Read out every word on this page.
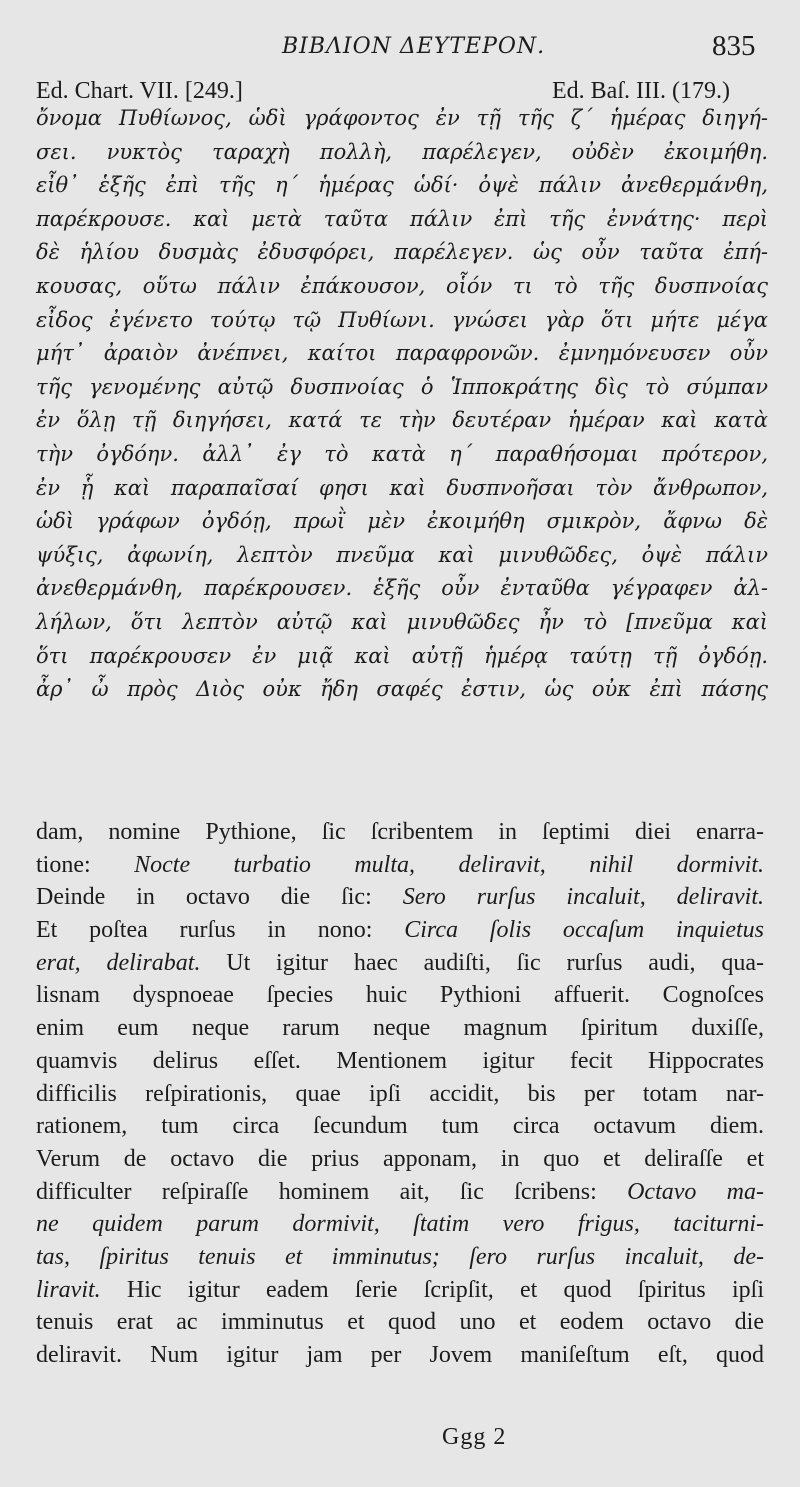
ΒΙΒΛΙΟΝ ΔΕΥΤΕΡΟΝ.	835
Ed. Chart. VII. [249.]	Ed. Baſ. III. (179.)
ὄνομα Πυθίωνος, ὡδὶ γράφοντος ἐν τῇ τῆς ζ´ ἡμέρας διηγή-
σει. νυκτὸς ταραχὴ πολλὴ, παρέλεγεν, οὐδὲν ἐκοιμήθη.
εἶθ᾿ ἑξῆς ἐπὶ τῆς η´ ἡμέρας ὡδί· ὀψὲ πάλιν ἀνεθερμάνθη,
παρέκρουσε. καὶ μετὰ ταῦτα πάλιν ἐπὶ τῆς ἐννάτης· περὶ
δὲ ἡλίου δυσμὰς ἐδυσφόρει, παρέλεγεν. ὡς οὖν ταῦτα ἐπή-
κουσας, οὕτω πάλιν ἐπάκουσον, οἷόν τι τὸ τῆς δυσπνοίας
εἶδος ἐγένετο τούτῳ τῷ Πυθίωνι. γνώσει γὰρ ὅτι μήτε μέγα
μήτ᾿ ἀραιὸν ἀνέπνει, καίτοι παραφρονῶν. ἐμνημόνευσεν οὖν
τῆς γενομένης αὐτῷ δυσπνοίας ὁ Ἱπποκράτης δὶς τὸ σύμπαν
ἐν ὅλῃ τῇ διηγήσει, κατά τε τὴν δευτέραν ἡμέραν καὶ κατὰ
τὴν ὀγδόην. ἀλλ᾿ ἐγ τὸ κατὰ η´ παραθήσομαι πρότερον,
ἐν ᾗ καὶ παραπαῖσαί φησι καὶ δυσπνοῆσαι τὸν ἄνθρωπον,
ὡδὶ γράφων ὀγδόῃ, πρωῒ μὲν ἐκοιμήθη σμικρὸν, ἄφνω δὲ
ψύξις, ἀφωνίη, λεπτὸν πνεῦμα καὶ μινυθῶδες, ὀψὲ πάλιν
ἀνεθερμάνθη, παρέκρουσεν. ἑξῆς οὖν ἐνταῦθα γέγραφεν ἀλ-
λήλων, ὅτι λεπτὸν αὐτῷ καὶ μινυθῶδες ἦν τὸ [πνεῦμα καὶ
ὅτι παρέκρουσεν ἐν μιᾷ καὶ αὐτῇ ἡμέρᾳ ταύτῃ τῇ ὀγδόῃ.
ἆρ᾿ ὦ πρὸς Διὸς οὐκ ἤδη σαφές ἐστιν, ὡς οὐκ ἐπὶ πάσης
dam, nomine Pythione, ſic ſcribentem in ſeptimi diei enarra-
tione: Nocte turbatio multa, deliravit, nihil dormivit.
Deinde in octavo die ſic: Sero rurſus incaluit, deliravit.
Et poſtea rurſus in nono: Circa ſolis occaſum inquietus
erat, delirabat. Ut igitur haec audiſti, ſic rurſus audi, qua-
lisnam dyspnoeae ſpecies huic Pythioni affuerit. Cognoſces
enim eum neque rarum neque magnum ſpiritum duxiſſe,
quamvis delirus eſſet. Mentionem igitur fecit Hippocrates
difficilis reſpirationis, quae ipſi accidit, bis per totam nar-
rationem, tum circa ſecundum tum circa octavum diem.
Verum de octavo die prius apponam, in quo et deliraſſe et
difficulter reſpiraſſe hominem ait, ſic ſcribens: Octavo ma-
ne quidem parum dormivit, ſtatim vero frigus, taciturni-
tas, ſpiritus tenuis et imminutus; ſero rurſus incaluit, de-
liravit. Hic igitur eadem ſerie ſcripſit, et quod ſpiritus ipſi
tenuis erat ac imminutus et quod uno et eodem octavo die
deliravit. Num igitur jam per Jovem maniſeſtum eſt, quod
Ggg 2
